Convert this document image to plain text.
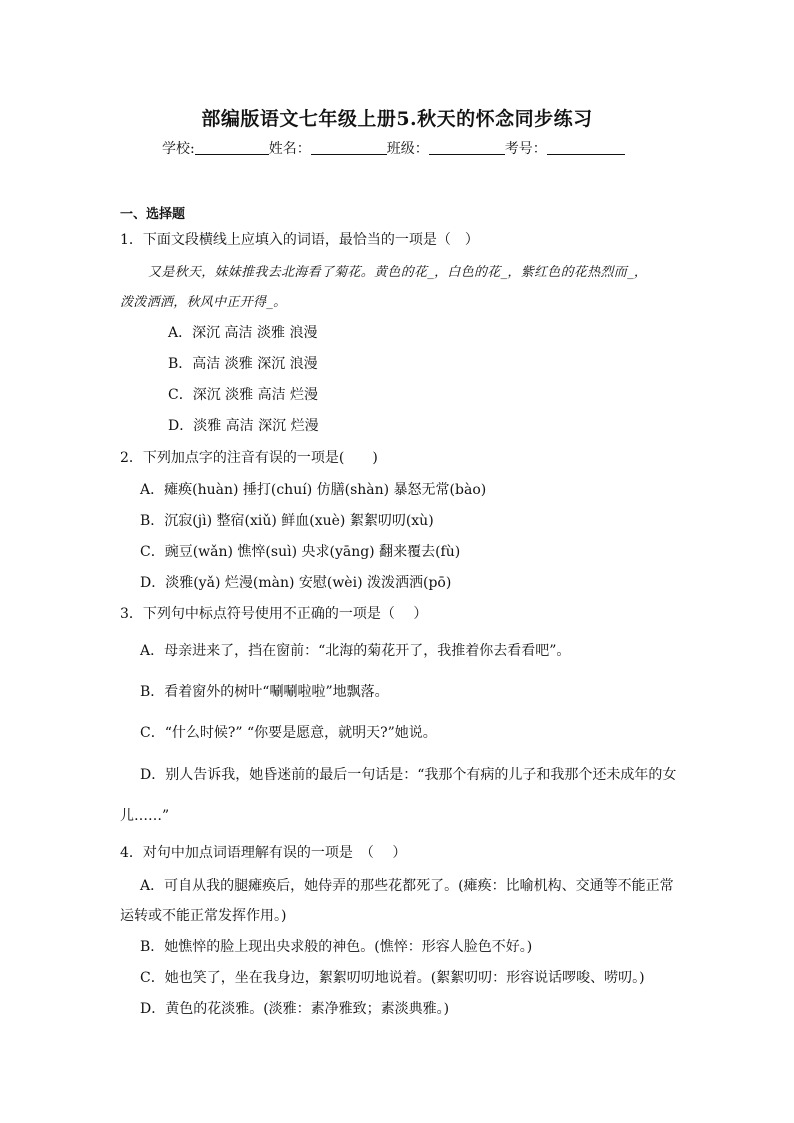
部编版语文七年级上册5.秋天的怀念同步练习
学校:	姓名：	班级：	考号：
一、选择题
1．下面文段横线上应填入的词语，最恰当的一项是（　）
又是秋天，妹妹推我去北海看了菊花。黄色的花_，白色的花_，紫红色的花热烈而_，
泼泼洒洒，秋风中正开得_。
A．深沉 高洁 淡雅 浪漫
B．高洁 淡雅 深沉 浪漫
C．深沉 淡雅 高洁 烂漫
D．淡雅 高洁 深沉 烂漫
2．下列加点字的注音有误的一项是(　　)
A．瘫痪(huàn) 捶打(chuí) 仿膳(shàn) 暴怒无常(bào)
B．沉寂(jì) 整宿(xiǔ) 鲜血(xuè) 絮絮叨叨(xù)
C．豌豆(wǎn) 憔悴(suì) 央求(yāng) 翻来覆去(fù)
D．淡雅(yǎ) 烂漫(màn) 安慰(wèi) 泼泼洒洒(pō)
3．下列句中标点符号使用不正确的一项是（　 ）
A．母亲进来了，挡在窗前：“北海的菊花开了，我推着你去看看吧”。
B．看着窗外的树叶“唰唰啦啦”地飘落。
C．“什么时候?” “你要是愿意，就明天?”她说。
D．别人告诉我，她昏迷前的最后一句话是：“我那个有病的儿子和我那个还未成年的女
儿……”
4．对句中加点词语理解有误的一项是　（　 ）
A．可自从我的腿瘫痪后，她侍弄的那些花都死了。(瘫痪：比喻机构、交通等不能正常
运转或不能正常发挥作用。)
B．她憔悴的脸上现出央求般的神色。(憔悴：形容人脸色不好。)
C．她也笑了，坐在我身边，絮絮叨叨地说着。(絮絮叨叨：形容说话啰唆、唠叨。)
D．黄色的花淡雅。(淡雅：素净雅致；素淡典雅。)
